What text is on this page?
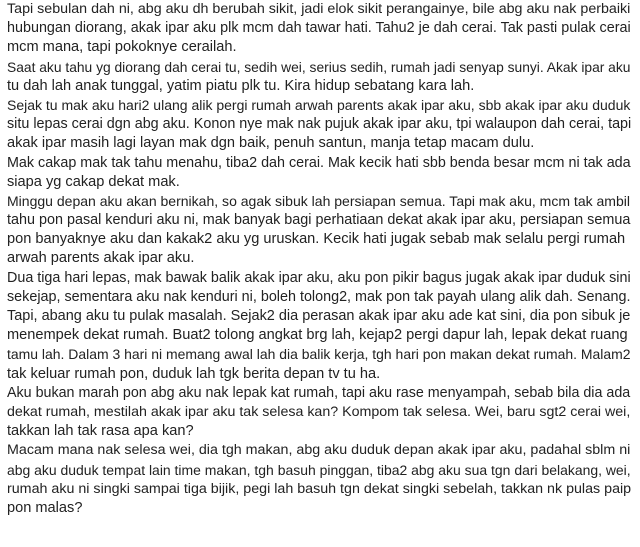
Tapi sebulan dah ni, abg aku dh berubah sikit, jadi elok sikit perangainye, bile abg aku nak perbaiki
hubungan diorang, akak ipar aku plk mcm dah tawar hati. Tahu2 je dah cerai. Tak pasti pulak cerai
mcm mana, tapi pokoknye cerailah.
Saat aku tahu yg diorang dah cerai tu, sedih wei, serius sedih, rumah jadi senyap sunyi. Akak ipar aku
tu dah lah anak tunggal, yatim piatu plk tu. Kira hidup sebatang kara lah.
Sejak tu mak aku hari2 ulang alik pergi rumah arwah parents akak ipar aku, sbb akak ipar aku duduk
situ lepas cerai dgn abg aku. Konon nye mak nak pujuk akak ipar aku, tpi walaupon dah cerai, tapi
akak ipar masih lagi layan mak dgn baik, penuh santun, manja tetap macam dulu.
Mak cakap mak tak tahu menahu, tiba2 dah cerai. Mak kecik hati sbb benda besar mcm ni tak ada
siapa yg cakap dekat mak.
Minggu depan aku akan bernikah, so agak sibuk lah persiapan semua. Tapi mak aku, mcm tak ambil
tahu pon pasal kenduri aku ni, mak banyak bagi perhatiaan dekat akak ipar aku, persiapan semua
pon banyaknye aku dan kakak2 aku yg uruskan. Kecik hati jugak sebab mak selalu pergi rumah
arwah parents akak ipar aku.
Dua tiga hari lepas, mak bawak balik akak ipar aku, aku pon pikir bagus jugak akak ipar duduk sini
sekejap, sementara aku nak kenduri ni, boleh tolong2, mak pon tak payah ulang alik dah. Senang.
Tapi, abang aku tu pulak masalah. Sejak2 dia perasan akak ipar aku ade kat sini, dia pon sibuk je
menempek dekat rumah. Buat2 tolong angkat brg lah, kejap2 pergi dapur lah, lepak dekat ruang
tamu lah. Dalam 3 hari ni memang awal lah dia balik kerja, tgh hari pon makan dekat rumah. Malam2
tak keluar rumah pon, duduk lah tgk berita depan tv tu ha.
Aku bukan marah pon abg aku nak lepak kat rumah, tapi aku rase menyampah, sebab bila dia ada
dekat rumah, mestilah akak ipar aku tak selesa kan? Kompom tak selesa. Wei, baru sgt2 cerai wei,
takkan lah tak rasa apa kan?
Macam mana nak selesa wei, dia tgh makan, abg aku duduk depan akak ipar aku, padahal sblm ni
abg aku duduk tempat lain time makan, tgh basuh pinggan, tiba2 abg aku sua tgn dari belakang, wei,
rumah aku ni singki sampai tiga bijik, pegi lah basuh tgn dekat singki sebelah, takkan nk pulas paip
pon malas?
